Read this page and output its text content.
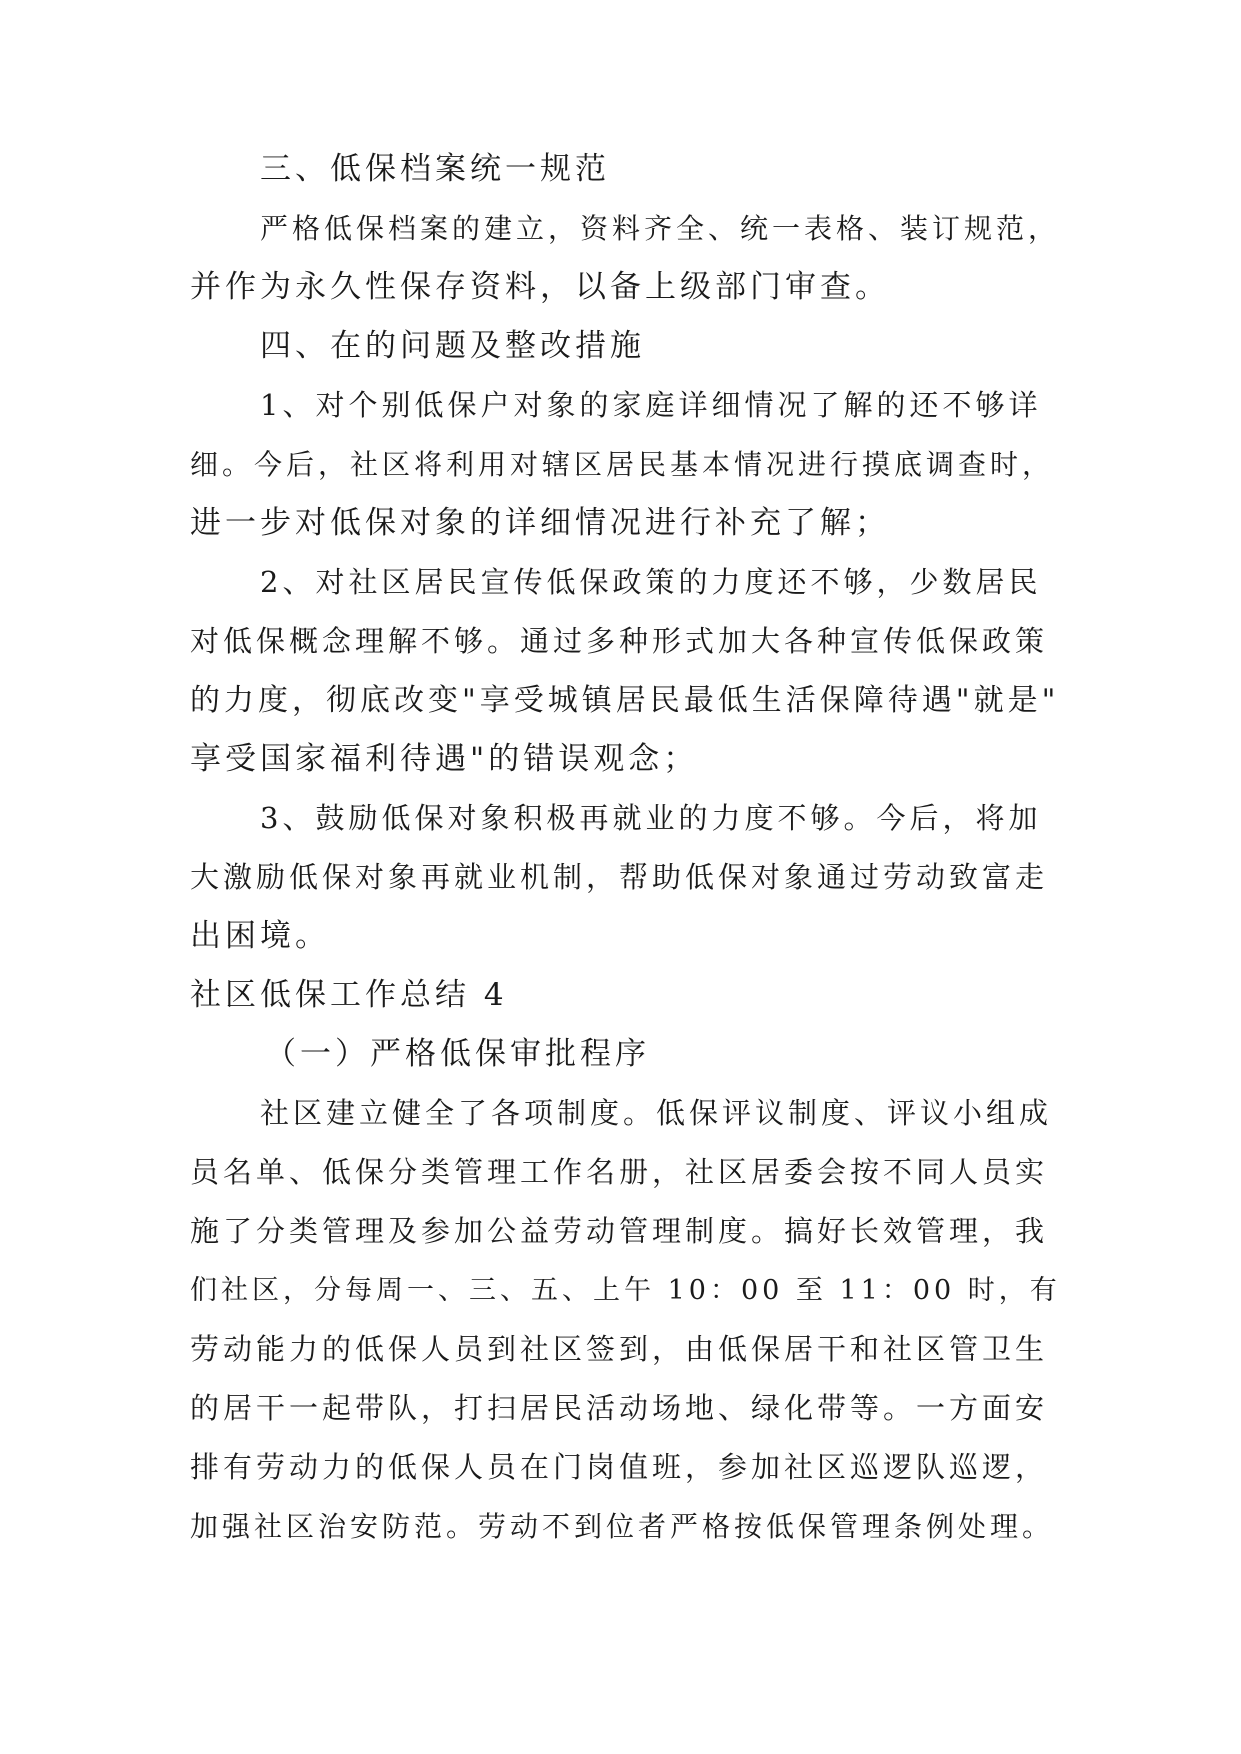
三、低保档案统一规范
严格低保档案的建立，资料齐全、统一表格、装订规范，
并作为永久性保存资料，以备上级部门审查。
四、在的问题及整改措施
1、对个别低保户对象的家庭详细情况了解的还不够详
细。今后，社区将利用对辖区居民基本情况进行摸底调查时，
进一步对低保对象的详细情况进行补充了解；
2、对社区居民宣传低保政策的力度还不够，少数居民
对低保概念理解不够。通过多种形式加大各种宣传低保政策
的力度，彻底改变"享受城镇居民最低生活保障待遇"就是"
享受国家福利待遇"的错误观念；
3、鼓励低保对象积极再就业的力度不够。今后，将加
大激励低保对象再就业机制，帮助低保对象通过劳动致富走
出困境。
社区低保工作总结 4
（一）严格低保审批程序
社区建立健全了各项制度。低保评议制度、评议小组成
员名单、低保分类管理工作名册，社区居委会按不同人员实
施了分类管理及参加公益劳动管理制度。搞好长效管理，我
们社区，分每周一、三、五、上午 10：00 至 11：00 时，有
劳动能力的低保人员到社区签到，由低保居干和社区管卫生
的居干一起带队，打扫居民活动场地、绿化带等。一方面安
排有劳动力的低保人员在门岗值班，参加社区巡逻队巡逻，
加强社区治安防范。劳动不到位者严格按低保管理条例处理。
